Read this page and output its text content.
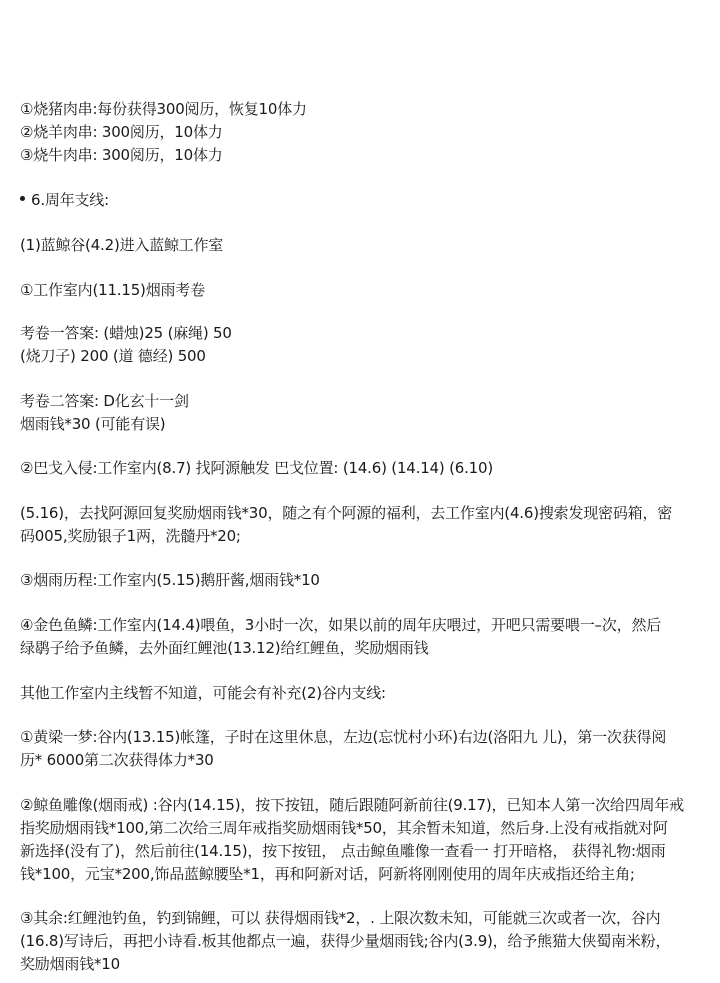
①烧猪肉串:每份获得300阅历，恢复10体力
②烧羊肉串: 300阅历，10体力
③烧牛肉串: 300阅历，10体力
6.周年支线:
(1)蓝鲸谷(4.2)进入蓝鲸工作室
①工作室内(11.15)烟雨考卷
考卷一答案: (蜡烛)25 (麻绳) 50
(烧刀子) 200 (道 德经) 500
考卷二答案: D化玄十一剑
烟雨钱*30 (可能有误)
②巴戈入侵:工作室内(8.7) 找阿源触发 巴戈位置: (14.6) (14.14) (6.10)
(5.16)，去找阿源回复奖励烟雨钱*30，随之有个阿源的福利，去工作室内(4.6)搜索发现密码箱，密
码005,奖励银子1两，洗髓丹*20;
③烟雨历程:工作室内(5.15)鹅肝酱,烟雨钱*10
④金色鱼鳞:工作室内(14.4)喂鱼，3小时一次，如果以前的周年庆喂过，开吧只需要喂一–次，然后
绿鹖子给予鱼鳞，去外面红鲤池(13.12)给红鲤鱼，奖励烟雨钱
其他工作室内主线暂不知道，可能会有补充(2)谷内支线:
①黄梁一梦:谷内(13.15)帐篷，子时在这里休息，左边(忘忧村小环)右边(洛阳九 儿)，第一次获得阅
历* 6000第二次获得体力*30
②鲸鱼雕像(烟雨戒) :谷内(14.15)，按下按钮，随后跟随阿新前往(9.17)，已知本人第一次给四周年戒
指奖励烟雨钱*100,第二次给三周年戒指奖励烟雨钱*50，其余暂未知道，然后身.上没有戒指就对阿
新选择(没有了)，然后前往(14.15)，按下按钮， 点击鲸鱼雕像一查看一 打开暗格， 获得礼物:烟雨
钱*100，元宝*200,饰品蓝鲸腰坠*1，再和阿新对话，阿新将刚刚使用的周年庆戒指还给主角;
③其余:红鲤池钓鱼，钓到锦鲤，可以 获得烟雨钱*2，. 上限次数未知，可能就三次或者一次，谷内
(16.8)写诗后，再把小诗看.板其他都点一遍，获得少量烟雨钱;谷内(3.9)，给予熊猫大侠蜀南米粉，
奖励烟雨钱*10
